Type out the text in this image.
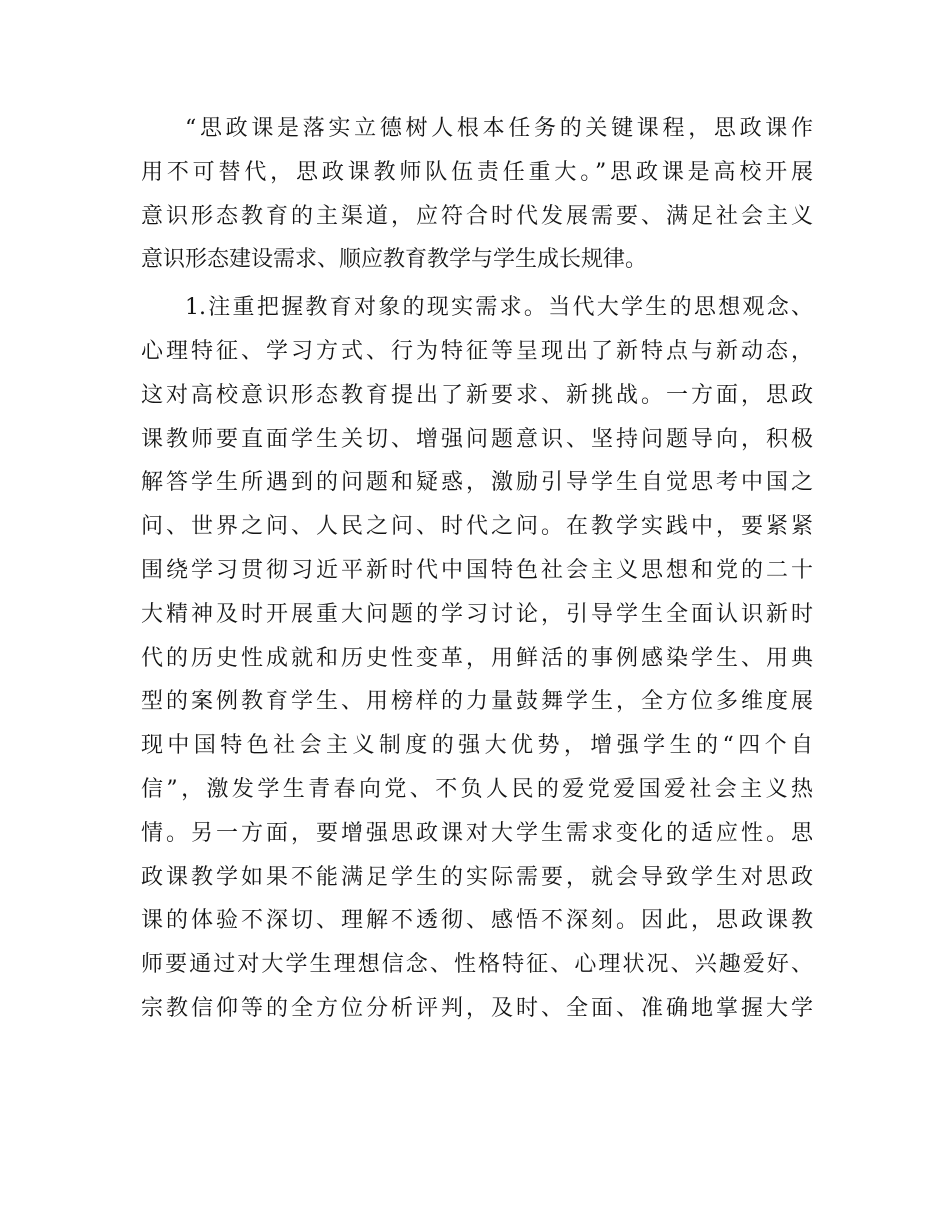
“思政课是落实立德树人根本任务的关键课程，思政课作
用不可替代，思政课教师队伍责任重大。”思政课是高校开展
意识形态教育的主渠道，应符合时代发展需要、满足社会主义
意识形态建设需求、顺应教育教学与学生成长规律。
1.注重把握教育对象的现实需求。当代大学生的思想观念、
心理特征、学习方式、行为特征等呈现出了新特点与新动态，
这对高校意识形态教育提出了新要求、新挑战。一方面，思政
课教师要直面学生关切、增强问题意识、坚持问题导向，积极
解答学生所遇到的问题和疑惑，激励引导学生自觉思考中国之
问、世界之问、人民之问、时代之问。在教学实践中，要紧紧
围绕学习贯彻习近平新时代中国特色社会主义思想和党的二十
大精神及时开展重大问题的学习讨论，引导学生全面认识新时
代的历史性成就和历史性变革，用鲜活的事例感染学生、用典
型的案例教育学生、用榜样的力量鼓舞学生，全方位多维度展
现中国特色社会主义制度的强大优势，增强学生的“四个自
信”，激发学生青春向党、不负人民的爱党爱国爱社会主义热
情。另一方面，要增强思政课对大学生需求变化的适应性。思
政课教学如果不能满足学生的实际需要，就会导致学生对思政
课的体验不深切、理解不透彻、感悟不深刻。因此，思政课教
师要通过对大学生理想信念、性格特征、心理状况、兴趣爱好、
宗教信仰等的全方位分析评判，及时、全面、准确地掌握大学
